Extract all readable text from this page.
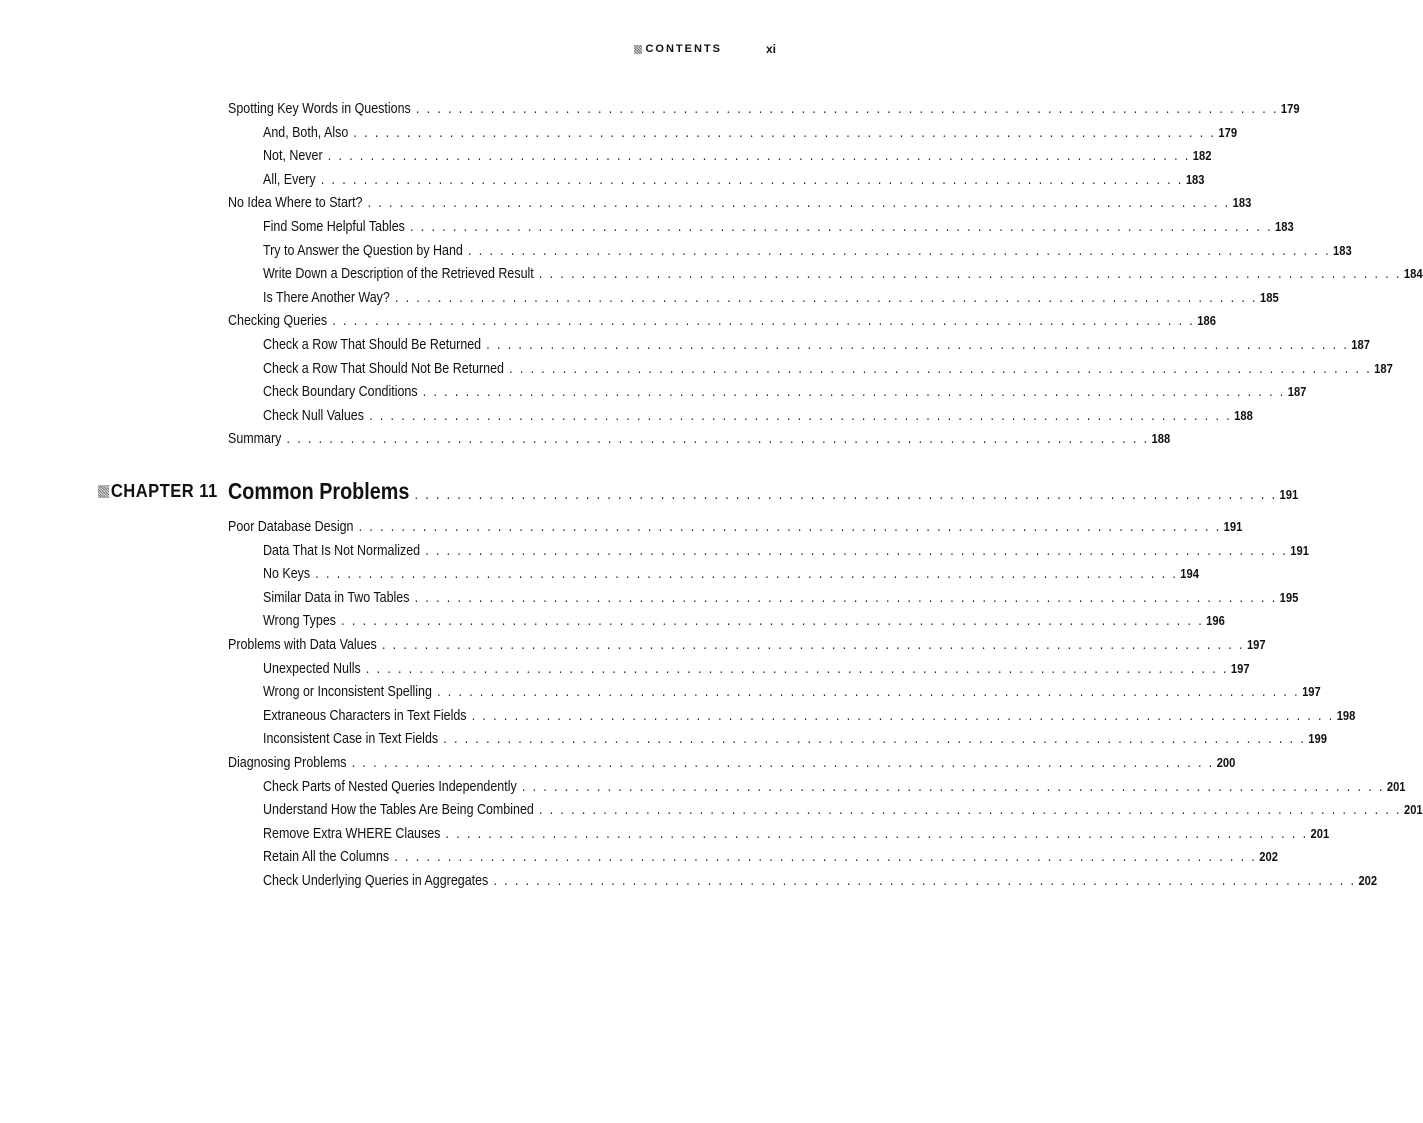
CONTENTS	xi
Spotting Key Words in Questions . . . . . . . . . . . . . . . . . . . . . . . . . . . . . . . . . . . . . . . . . . . . . . . . . . . . . . . . . . . . . . . . . . . . . . . . . . . . . . . . . 179
And, Both, Also . . . . . . . . . . . . . . . . . . . . . . . . . . . . . . . . . . . . . . . . . . . . . . . . . . . . . . . . . . . . . . . . . . . . . . . . . . . . . . . . . 179
Not, Never . . . . . . . . . . . . . . . . . . . . . . . . . . . . . . . . . . . . . . . . . . . . . . . . . . . . . . . . . . . . . . . . . . . . . . . . . . . . . . . . . 182
All, Every . . . . . . . . . . . . . . . . . . . . . . . . . . . . . . . . . . . . . . . . . . . . . . . . . . . . . . . . . . . . . . . . . . . . . . . . . . . . . . . . . 183
No Idea Where to Start? . . . . . . . . . . . . . . . . . . . . . . . . . . . . . . . . . . . . . . . . . . . . . . . . . . . . . . . . . . . . . . . . . . . . . . . . . . . . . . . . . 183
Find Some Helpful Tables . . . . . . . . . . . . . . . . . . . . . . . . . . . . . . . . . . . . . . . . . . . . . . . . . . . . . . . . . . . . . . . . . . . . . . . . . . . . . . . . . 183
Try to Answer the Question by Hand . . . . . . . . . . . . . . . . . . . . . . . . . . . . . . . . . . . . . . . . . . . . . . . . . . . . . . . . . . . . . . . . . . . . . . . . . . . . . . . . . 183
Write Down a Description of the Retrieved Result . . . . . . . . . . . . . . . . . . . . . . . . . . . . . . . . . . . . . . . . . . . . . . . . . . . . . . . . . . . . . . . . . . . . . . . . . . . . . . . . . 184
Is There Another Way? . . . . . . . . . . . . . . . . . . . . . . . . . . . . . . . . . . . . . . . . . . . . . . . . . . . . . . . . . . . . . . . . . . . . . . . . . . . . . . . . . 185
Checking Queries . . . . . . . . . . . . . . . . . . . . . . . . . . . . . . . . . . . . . . . . . . . . . . . . . . . . . . . . . . . . . . . . . . . . . . . . . . . . . . . . . 186
Check a Row That Should Be Returned . . . . . . . . . . . . . . . . . . . . . . . . . . . . . . . . . . . . . . . . . . . . . . . . . . . . . . . . . . . . . . . . . . . . . . . . . . . . . . . . . 187
Check a Row That Should Not Be Returned . . . . . . . . . . . . . . . . . . . . . . . . . . . . . . . . . . . . . . . . . . . . . . . . . . . . . . . . . . . . . . . . . . . . . . . . . . . . . . . . . 187
Check Boundary Conditions . . . . . . . . . . . . . . . . . . . . . . . . . . . . . . . . . . . . . . . . . . . . . . . . . . . . . . . . . . . . . . . . . . . . . . . . . . . . . . . . . 187
Check Null Values . . . . . . . . . . . . . . . . . . . . . . . . . . . . . . . . . . . . . . . . . . . . . . . . . . . . . . . . . . . . . . . . . . . . . . . . . . . . . . . . . 188
Summary . . . . . . . . . . . . . . . . . . . . . . . . . . . . . . . . . . . . . . . . . . . . . . . . . . . . . . . . . . . . . . . . . . . . . . . . . . . . . . . . . 188
CHAPTER 11 Common Problems . . . . . . . . . . . . . . . . . . . . . . . . . . . . . . . . . . . . . . . . . . . . . . . . . . . . . . . . . . . . . . . . . . . . . . . . . . . . . . . . . 191
Poor Database Design . . . . . . . . . . . . . . . . . . . . . . . . . . . . . . . . . . . . . . . . . . . . . . . . . . . . . . . . . . . . . . . . . . . . . . . . . . . . . . . . . 191
Data That Is Not Normalized . . . . . . . . . . . . . . . . . . . . . . . . . . . . . . . . . . . . . . . . . . . . . . . . . . . . . . . . . . . . . . . . . . . . . . . . . . . . . . . . . 191
No Keys . . . . . . . . . . . . . . . . . . . . . . . . . . . . . . . . . . . . . . . . . . . . . . . . . . . . . . . . . . . . . . . . . . . . . . . . . . . . . . . . . 194
Similar Data in Two Tables . . . . . . . . . . . . . . . . . . . . . . . . . . . . . . . . . . . . . . . . . . . . . . . . . . . . . . . . . . . . . . . . . . . . . . . . . . . . . . . . . 195
Wrong Types . . . . . . . . . . . . . . . . . . . . . . . . . . . . . . . . . . . . . . . . . . . . . . . . . . . . . . . . . . . . . . . . . . . . . . . . . . . . . . . . . 196
Problems with Data Values . . . . . . . . . . . . . . . . . . . . . . . . . . . . . . . . . . . . . . . . . . . . . . . . . . . . . . . . . . . . . . . . . . . . . . . . . . . . . . . . . 197
Unexpected Nulls . . . . . . . . . . . . . . . . . . . . . . . . . . . . . . . . . . . . . . . . . . . . . . . . . . . . . . . . . . . . . . . . . . . . . . . . . . . . . . . . . 197
Wrong or Inconsistent Spelling . . . . . . . . . . . . . . . . . . . . . . . . . . . . . . . . . . . . . . . . . . . . . . . . . . . . . . . . . . . . . . . . . . . . . . . . . . . . . . . . . 197
Extraneous Characters in Text Fields . . . . . . . . . . . . . . . . . . . . . . . . . . . . . . . . . . . . . . . . . . . . . . . . . . . . . . . . . . . . . . . . . . . . . . . . . . . . . . . . . 198
Inconsistent Case in Text Fields . . . . . . . . . . . . . . . . . . . . . . . . . . . . . . . . . . . . . . . . . . . . . . . . . . . . . . . . . . . . . . . . . . . . . . . . . . . . . . . . . 199
Diagnosing Problems . . . . . . . . . . . . . . . . . . . . . . . . . . . . . . . . . . . . . . . . . . . . . . . . . . . . . . . . . . . . . . . . . . . . . . . . . . . . . . . . . 200
Check Parts of Nested Queries Independently . . . . . . . . . . . . . . . . . . . . . . . . . . . . . . . . . . . . . . . . . . . . . . . . . . . . . . . . . . . . . . . . . . . . . . . . . . . . . . . . . 201
Understand How the Tables Are Being Combined . . . . . . . . . . . . . . . . . . . . . . . . . . . . . . . . . . . . . . . . . . . . . . . . . . . . . . . . . . . . . . . . . . . . . . . . . . . . . . . . . 201
Remove Extra WHERE Clauses . . . . . . . . . . . . . . . . . . . . . . . . . . . . . . . . . . . . . . . . . . . . . . . . . . . . . . . . . . . . . . . . . . . . . . . . . . . . . . . . . 201
Retain All the Columns . . . . . . . . . . . . . . . . . . . . . . . . . . . . . . . . . . . . . . . . . . . . . . . . . . . . . . . . . . . . . . . . . . . . . . . . . . . . . . . . . 202
Check Underlying Queries in Aggregates . . . . . . . . . . . . . . . . . . . . . . . . . . . . . . . . . . . . . . . . . . . . . . . . . . . . . . . . . . . . . . . . . . . . . . . . . . . . . . . . . 202
